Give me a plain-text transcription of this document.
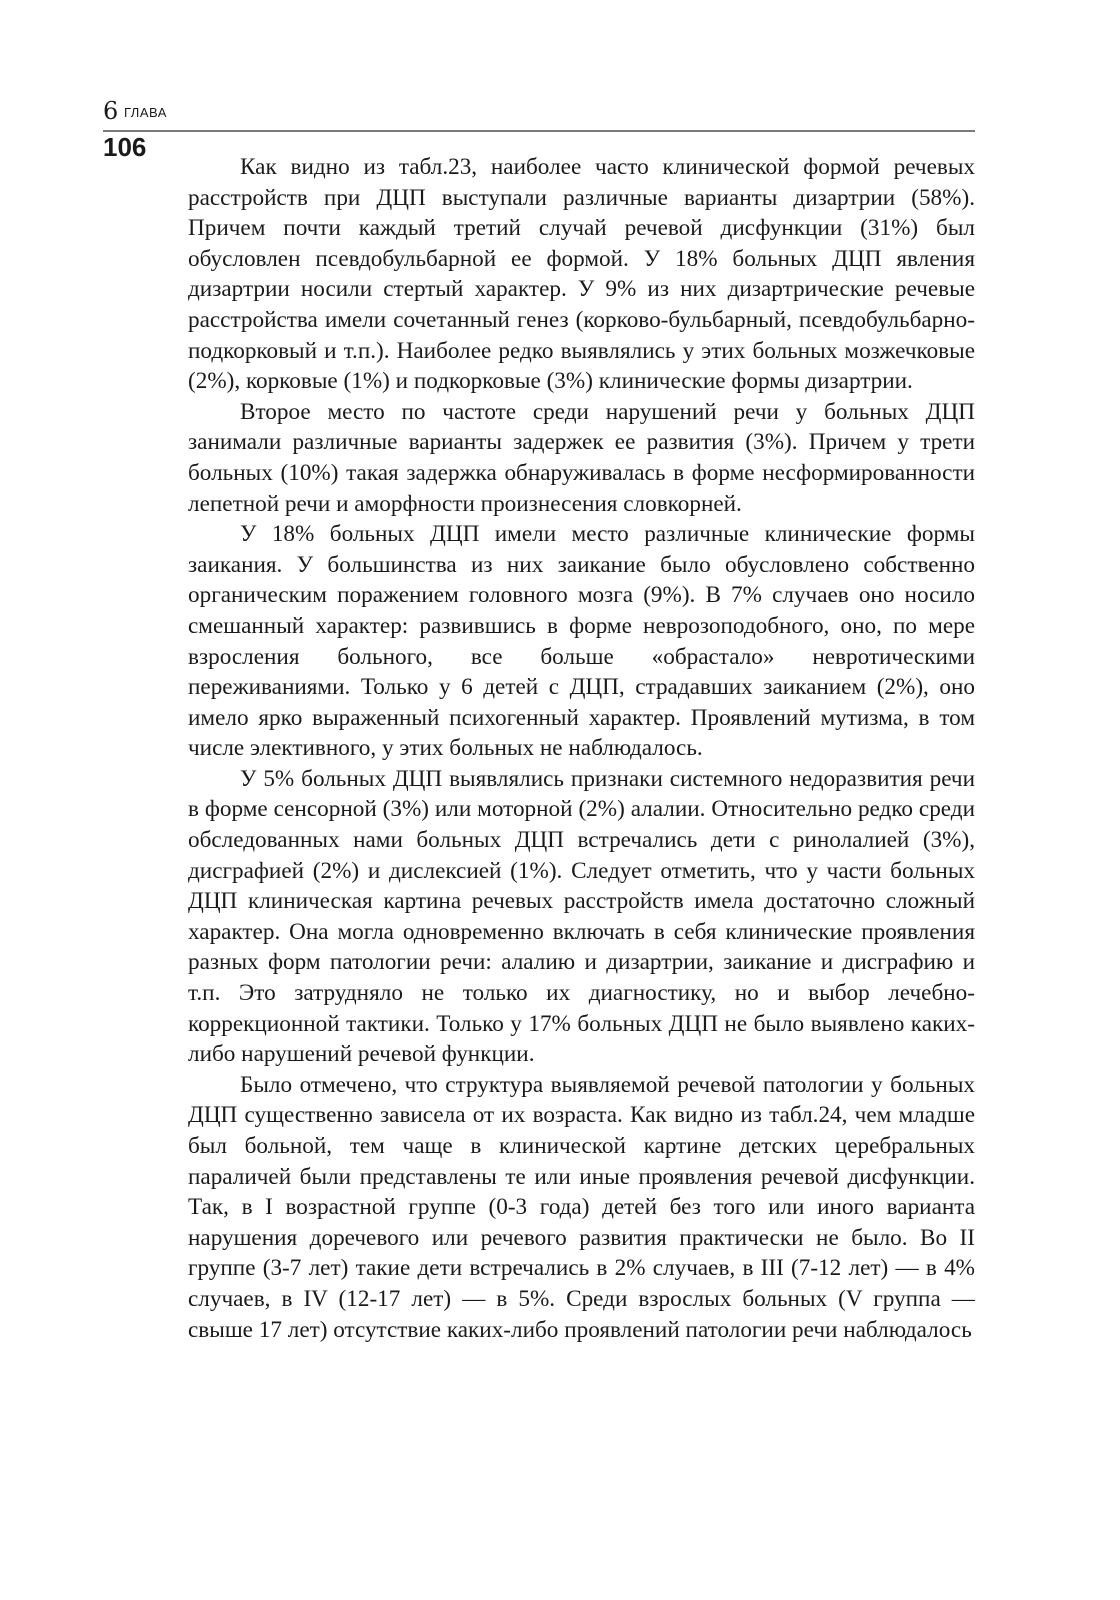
6 ГЛАВА
106

Как видно из табл.23, наиболее часто клинической формой речевых расстройств при ДЦП выступали различные варианты дизартрии (58%). Причем почти каждый третий случай речевой дисфункции (31%) был обусловлен псевдобульбарной ее формой. У 18% больных ДЦП явления дизартрии носили стертый характер. У 9% из них дизартрические речевые расстройства имели сочетанный генез (корково-бульбарный, псевдобульбарно-подкорковый и т.п.). Наиболее редко выявлялись у этих больных мозжечковые (2%), корковые (1%) и подкорковые (3%) клинические формы дизартрии.

Второе место по частоте среди нарушений речи у больных ДЦП занимали различные варианты задержек ее развития (3%). Причем у трети больных (10%) такая задержка обнаруживалась в форме несформированности лепетной речи и аморфности произнесения словкорней.

У 18% больных ДЦП имели место различные клинические формы заикания. У большинства из них заикание было обусловлено собственно органическим поражением головного мозга (9%). В 7% случаев оно носило смешанный характер: развившись в форме неврозоподобного, оно, по мере взросления больного, все больше «обрастало» невротическими переживаниями. Только у 6 детей с ДЦП, страдавших заиканием (2%), оно имело ярко выраженный психогенный характер. Проявлений мутизма, в том числе элективного, у этих больных не наблюдалось.

У 5% больных ДЦП выявлялись признаки системного недоразвития речи в форме сенсорной (3%) или моторной (2%) алалии. Относительно редко среди обследованных нами больных ДЦП встречались дети с ринолалией (3%), дисграфией (2%) и дислексией (1%). Следует отметить, что у части больных ДЦП клиническая картина речевых расстройств имела достаточно сложный характер. Она могла одновременно включать в себя клинические проявления разных форм патологии речи: алалию и дизартрии, заикание и дисграфию и т.п. Это затрудняло не только их диагностику, но и выбор лечебно-коррекционной тактики. Только у 17% больных ДЦП не было выявлено каких-либо нарушений речевой функции.

Было отмечено, что структура выявляемой речевой патологии у больных ДЦП существенно зависела от их возраста. Как видно из табл.24, чем младше был больной, тем чаще в клинической картине детских церебральных параличей были представлены те или иные проявления речевой дисфункции. Так, в I возрастной группе (0-3 года) детей без того или иного варианта нарушения доречевого или речевого развития практически не было. Во II группе (3-7 лет) такие дети встречались в 2% случаев, в III (7-12 лет) — в 4% случаев, в IV (12-17 лет) — в 5%. Среди взрослых больных (V группа — свыше 17 лет) отсутствие каких-либо проявлений патологии речи наблюдалось
